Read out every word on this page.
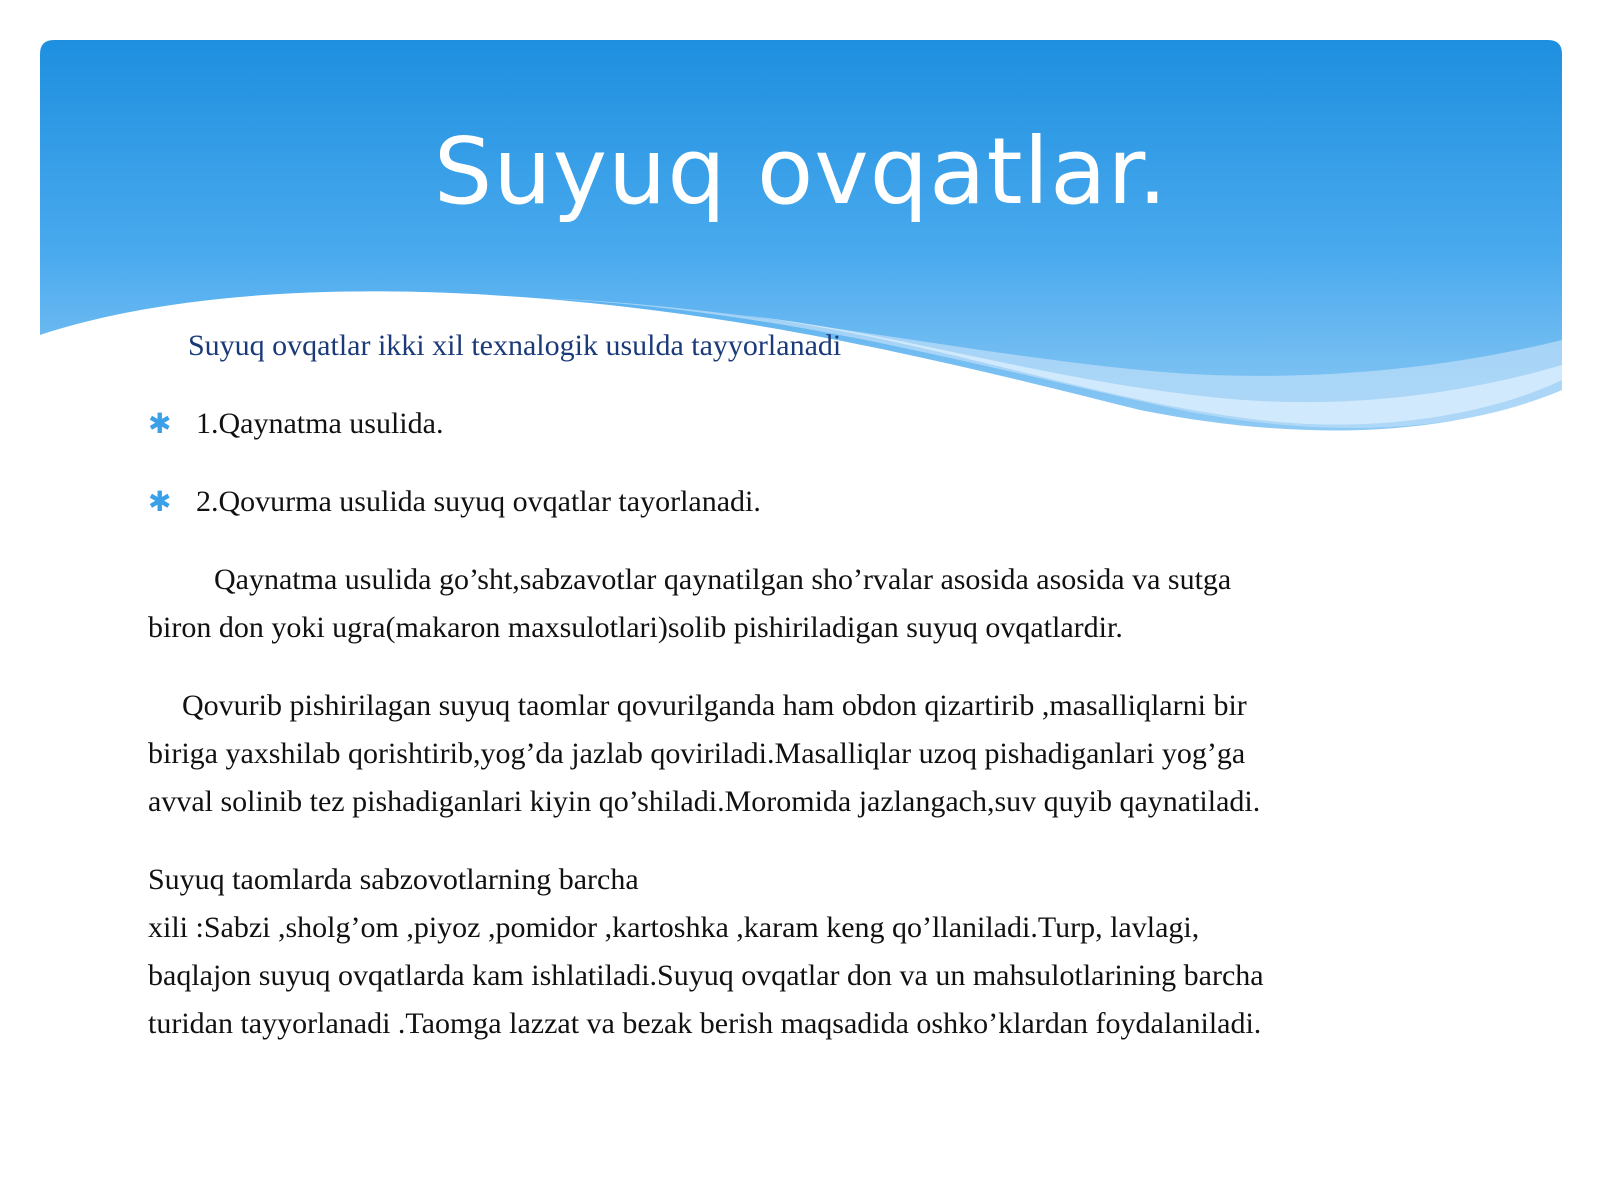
Suyuq ovqatlar.

Suyuq ovqatlar ikki xil texnalogik usulda tayyorlanadi

✱ 1.Qaynatma usulida.
✱ 2.Qovurma usulida suyuq ovqatlar tayorlanadi.
Qaynatma usulida go’sht,sabzavotlar qaynatilgan sho’rvalar asosida asosida va sutga
biron don yoki ugra(makaron maxsulotlari)solib pishiriladigan suyuq ovqatlardir.
Qovurib pishirilagan suyuq taomlar qovurilganda ham obdon qizartirib ,masalliqlarni bir
biriga yaxshilab qorishtirib,yog’da jazlab qoviriladi.Masalliqlar uzoq pishadiganlari yog’ga
avval solinib tez pishadiganlari kiyin qo’shiladi.Moromida jazlangach,suv quyib qaynatiladi.
Suyuq taomlarda sabzovotlarning barcha
xili :Sabzi ,sholg’om ,piyoz ,pomidor ,kartoshka ,karam keng qo’llaniladi.Turp, lavlagi,
baqlajon suyuq ovqatlarda kam ishlatiladi.Suyuq ovqatlar don va un mahsulotlarining barcha
turidan tayyorlanadi .Taomga lazzat va bezak berish maqsadida oshko’klardan foydalaniladi.
